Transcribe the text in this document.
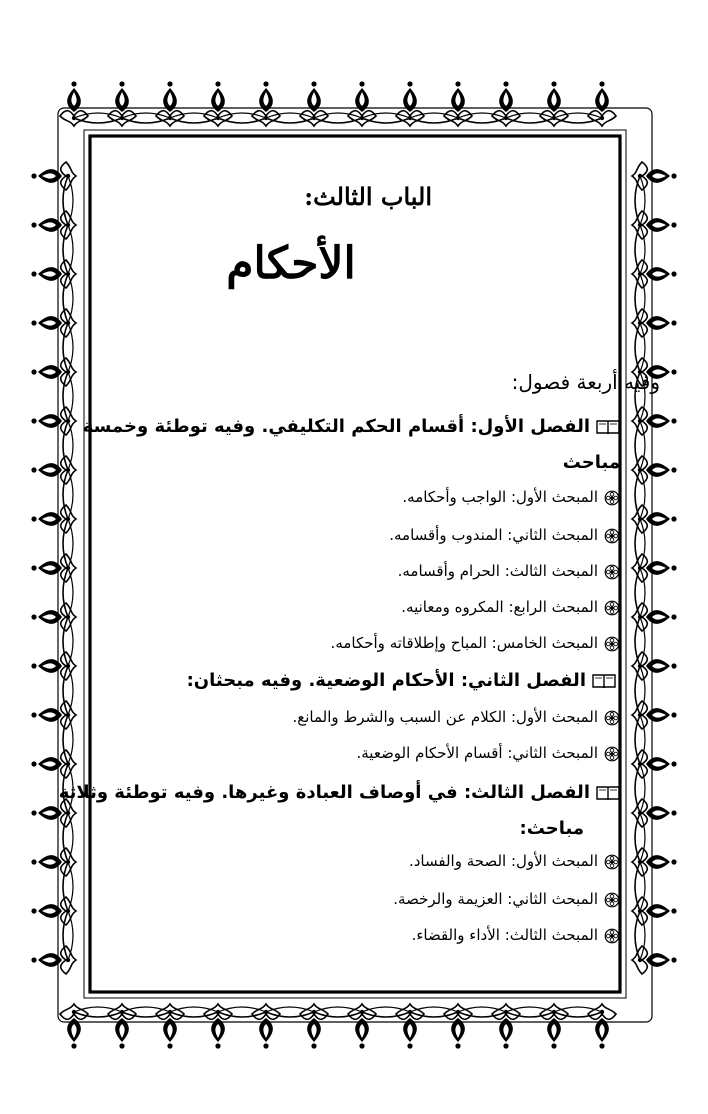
الباب الثالث:
الأحكام
وفيه أربعة فصول:
الفصل الأول: أقسام الحكم التكليفي. وفيه توطئة وخمسة
مباحث
المبحث الأول: الواجب وأحكامه.
المبحث الثاني: المندوب وأقسامه.
المبحث الثالث: الحرام وأقسامه.
المبحث الرابع: المكروه ومعانيه.
المبحث الخامس: المباح وإطلاقاته وأحكامه.
الفصل الثاني: الأحكام الوضعية. وفيه مبحثان:
المبحث الأول: الكلام عن السبب والشرط والمانع.
المبحث الثاني: أقسام الأحكام الوضعية.
الفصل الثالث: في أوصاف العبادة وغيرها. وفيه توطئة وثلاثة
مباحث:
المبحث الأول: الصحة والفساد.
المبحث الثاني: العزيمة والرخصة.
المبحث الثالث: الأداء والقضاء.
